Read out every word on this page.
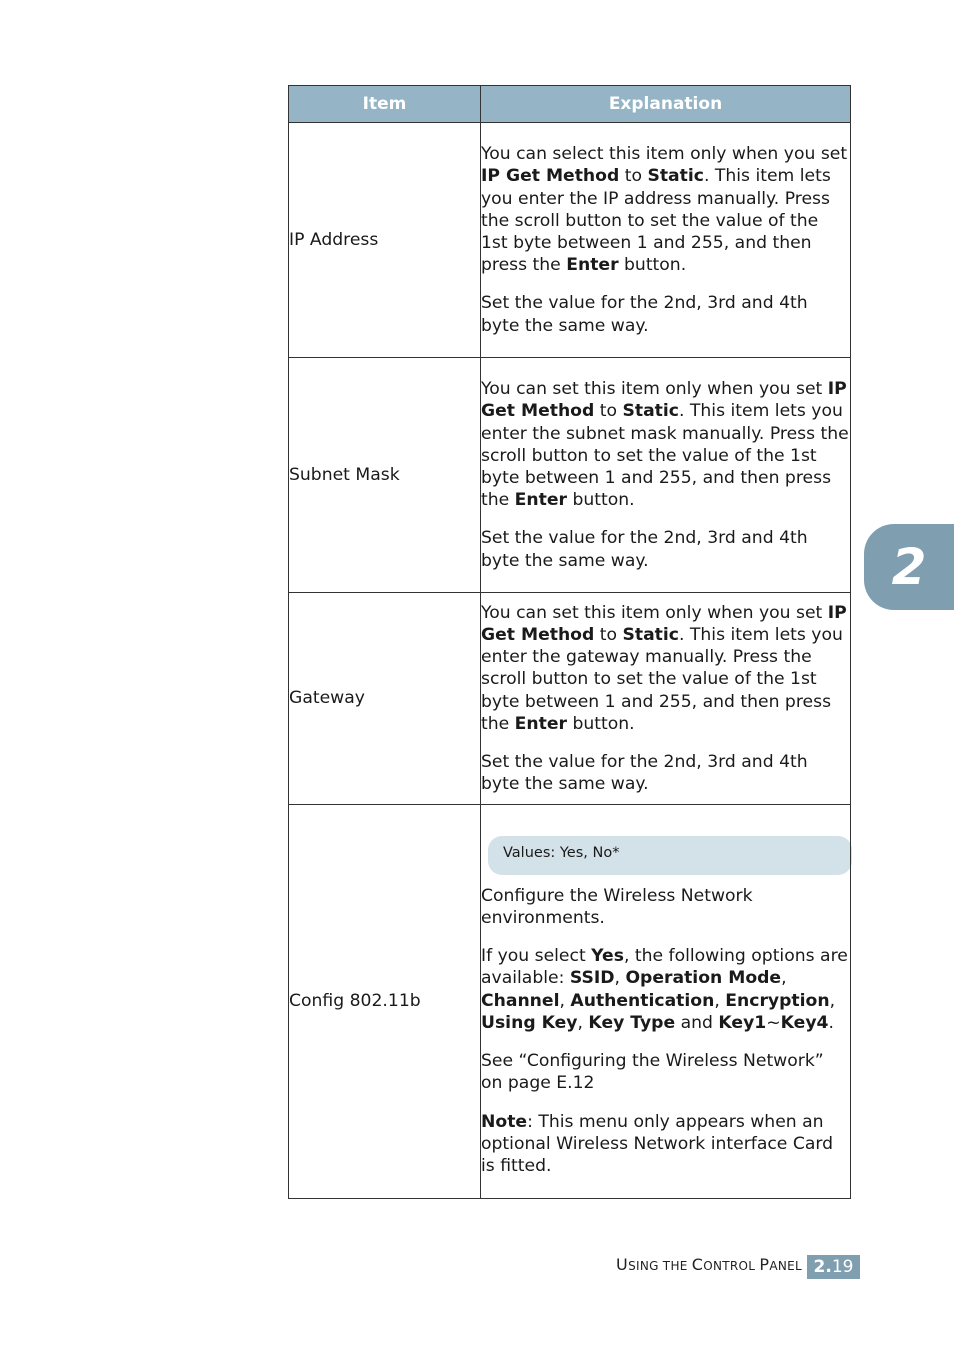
Item	Explanation
IP Address	You can select this item only when you set IP Get Method to Static. This item lets you enter the IP address manually. Press the scroll button to set the value of the 1st byte between 1 and 255, and then press the Enter button.

Set the value for the 2nd, 3rd and 4th byte the same way.

Subnet Mask	You can set this item only when you set IP Get Method to Static. This item lets you enter the subnet mask manually. Press the scroll button to set the value of the 1st byte between 1 and 255, and then press the Enter button.

Set the value for the 2nd, 3rd and 4th byte the same way.

Gateway	You can set this item only when you set IP Get Method to Static. This item lets you enter the gateway manually. Press the scroll button to set the value of the 1st byte between 1 and 255, and then press the Enter button.

Set the value for the 2nd, 3rd and 4th byte the same way.

Config 802.11b	Values: Yes, No*

Configure the Wireless Network environments.

If you select Yes, the following options are available: SSID, Operation Mode, Channel, Authentication, Encryption, Using Key, Key Type and Key1~Key4.

See “Configuring the Wireless Network” on page E.12

Note: This menu only appears when an optional Wireless Network interface Card is fitted.

2
USING THE CONTROL PANEL 2.19
